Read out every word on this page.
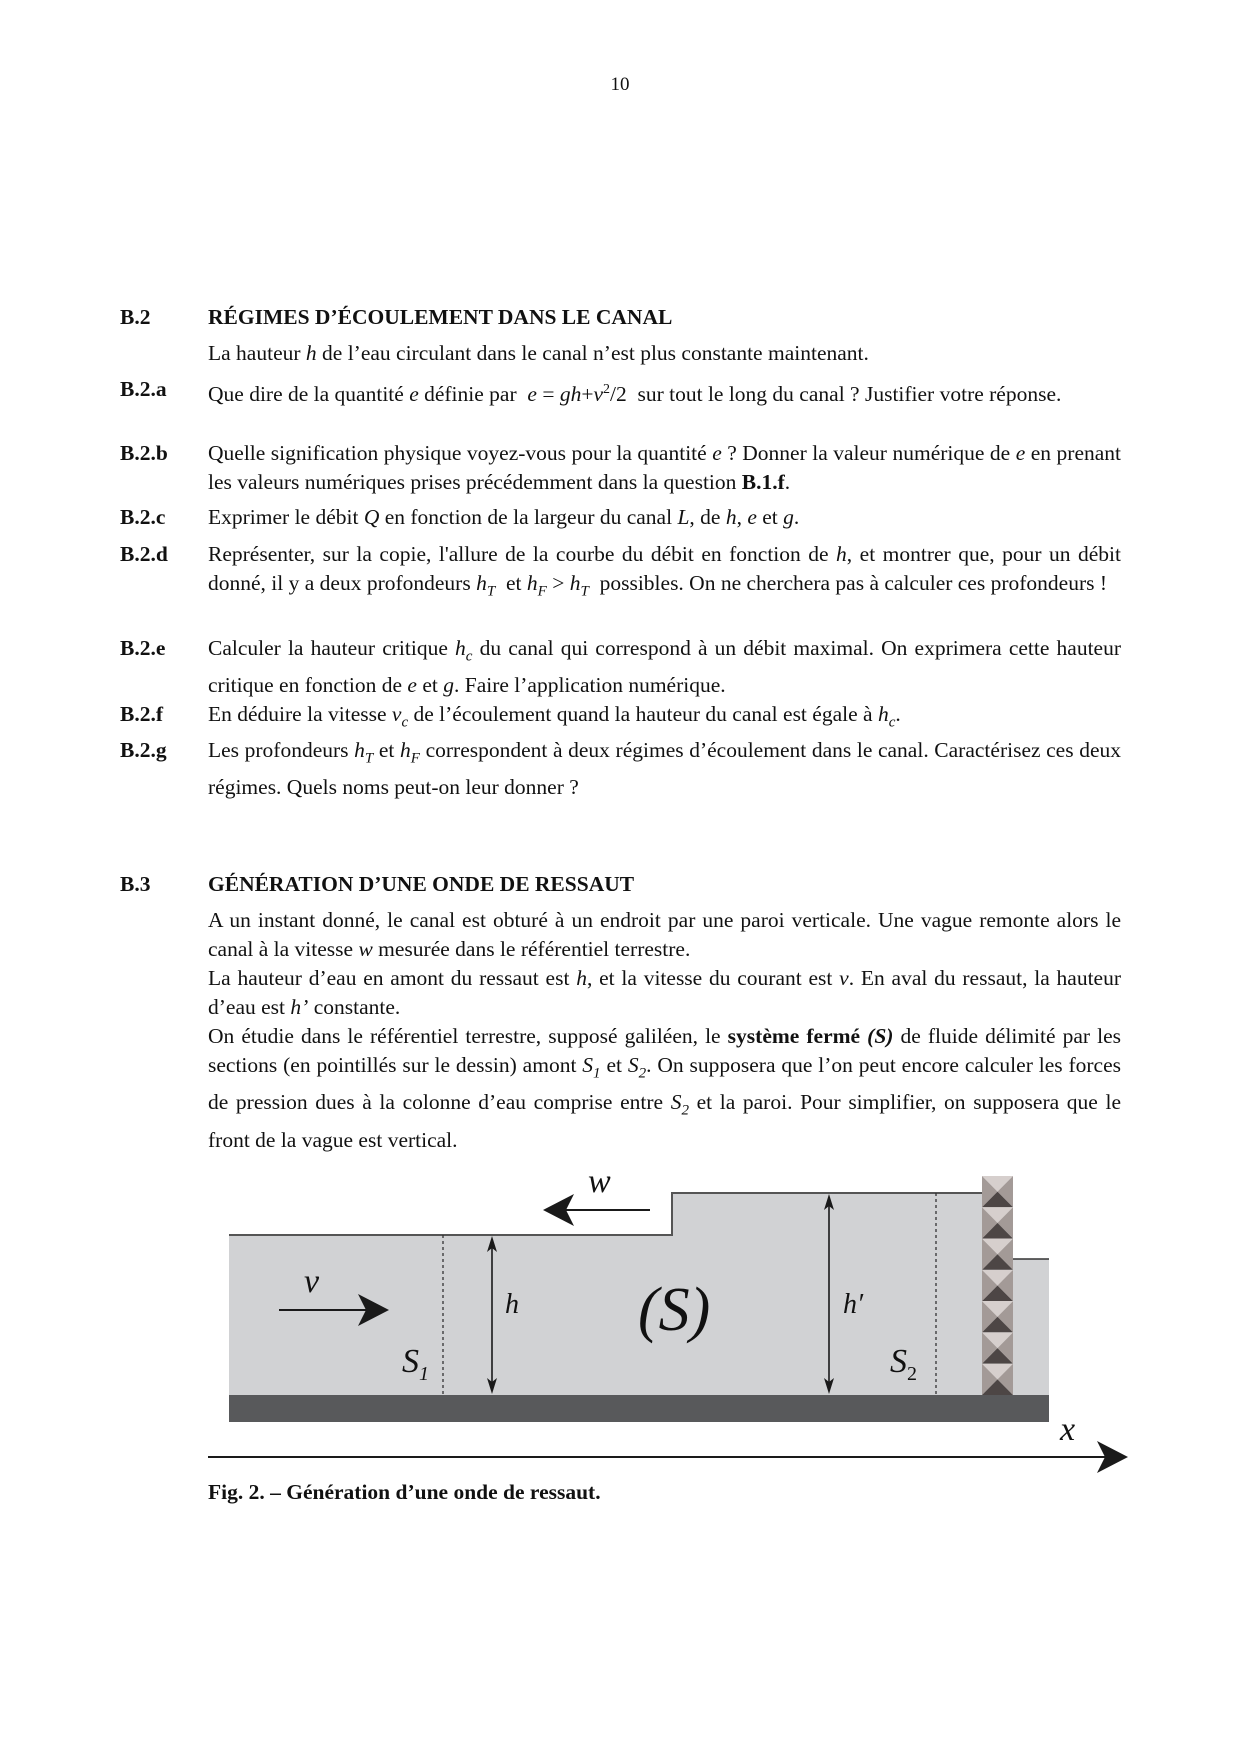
10
B.2	RÉGIMES D’ÉCOULEMENT DANS LE CANAL
La hauteur h de l’eau circulant dans le canal n’est plus constante maintenant.
B.2.a Que dire de la quantité e définie par  $e = gh+v^2/2$  sur tout le long du canal ? Justifier votre réponse.
B.2.b Quelle signification physique voyez-vous pour la quantité e ? Donner la valeur numérique de e en prenant les valeurs numériques prises précédemment dans la question B.1.f.
B.2.c Exprimer le débit Q en fonction de la largeur du canal L, de h, e et g.
B.2.d Représenter, sur la copie, l'allure de la courbe du débit en fonction de h, et montrer que, pour un débit donné, il y a deux profondeurs $h_T$  et $h_F > h_T$  possibles. On ne cherchera pas à calculer ces profondeurs !
B.2.e Calculer la hauteur critique $h_c$ du canal qui correspond à un débit maximal. On exprimera cette hauteur critique en fonction de e et g. Faire l’application numérique.
B.2.f En déduire la vitesse $v_c$ de l’écoulement quand la hauteur du canal est égale à $h_c$.
B.2.g Les profondeurs $h_T$ et $h_F$ correspondent à deux régimes d’écoulement dans le canal. Caractérisez ces deux régimes. Quels noms peut-on leur donner ?
B.3	GÉNÉRATION D’UNE ONDE DE RESSAUT
A un instant donné, le canal est obturé à un endroit par une paroi verticale. Une vague remonte alors le canal à la vitesse w mesurée dans le référentiel terrestre.
La hauteur d’eau en amont du ressaut est h, et la vitesse du courant est v. En aval du ressaut, la hauteur d’eau est h’ constante.
On étudie dans le référentiel terrestre, supposé galiléen, le système fermé (S) de fluide délimité par les sections (en pointillés sur le dessin) amont $S_1$ et $S_2$. On supposera que l’on peut encore calculer les forces de pression dues à la colonne d’eau comprise entre $S_2$ et la paroi. Pour simplifier, on supposera que le front de la vague est vertical.
w
v
h (S)	h′
$S_1$	$S_2$
x
Fig. 2. – Génération d’une onde de ressaut.
